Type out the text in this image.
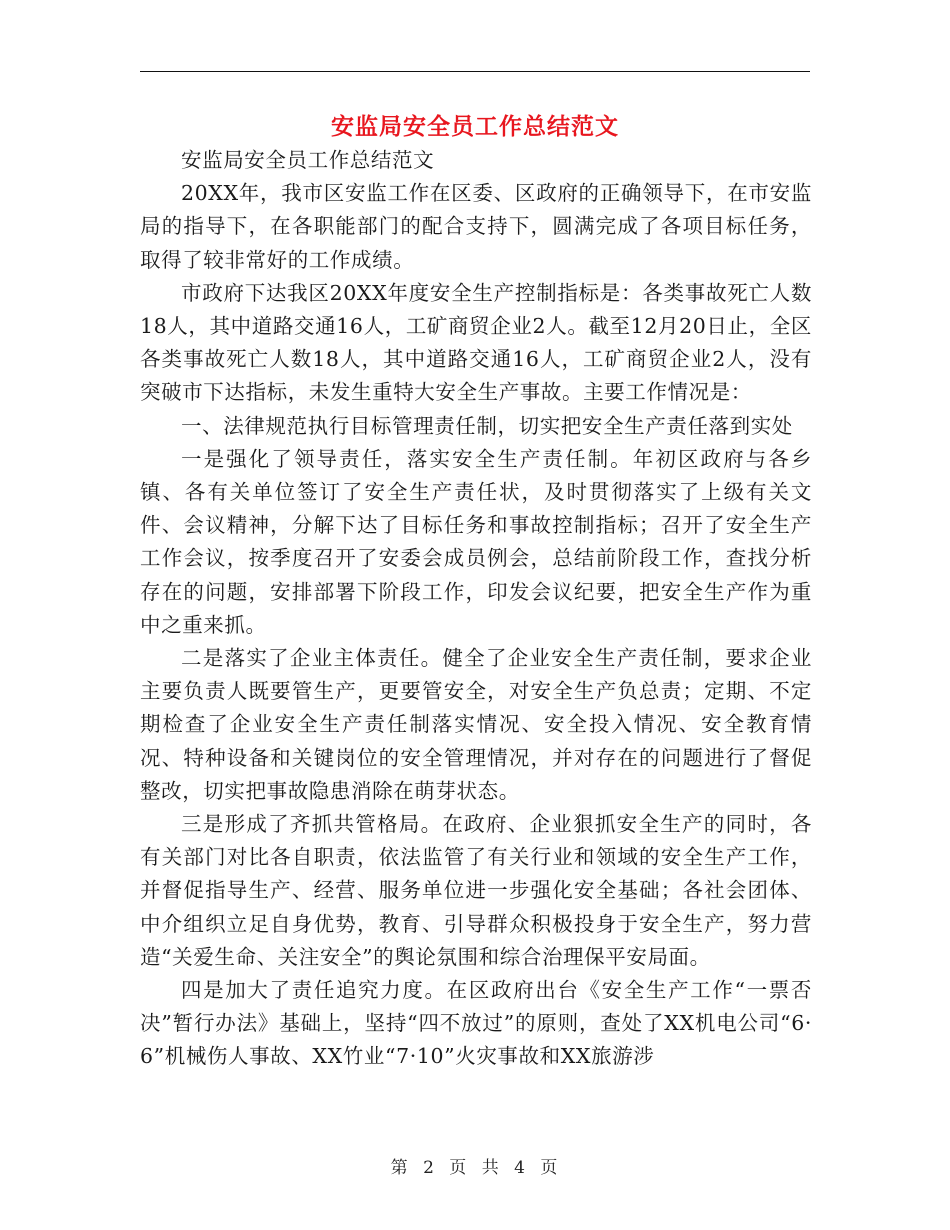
安监局安全员工作总结范文

安监局安全员工作总结范文

20XX年，我市区安监工作在区委、区政府的正确领导下，在市安监局的指导下，在各职能部门的配合支持下，圆满完成了各项目标任务，取得了较非常好的工作成绩。

市政府下达我区20XX年度安全生产控制指标是：各类事故死亡人数18人，其中道路交通16人，工矿商贸企业2人。截至12月20日止，全区各类事故死亡人数18人，其中道路交通16人，工矿商贸企业2人，没有突破市下达指标，未发生重特大安全生产事故。主要工作情况是：

一、法律规范执行目标管理责任制，切实把安全生产责任落到实处

一是强化了领导责任，落实安全生产责任制。年初区政府与各乡镇、各有关单位签订了安全生产责任状，及时贯彻落实了上级有关文件、会议精神，分解下达了目标任务和事故控制指标；召开了安全生产工作会议，按季度召开了安委会成员例会，总结前阶段工作，查找分析存在的问题，安排部署下阶段工作，印发会议纪要，把安全生产作为重中之重来抓。

二是落实了企业主体责任。健全了企业安全生产责任制，要求企业主要负责人既要管生产，更要管安全，对安全生产负总责；定期、不定期检查了企业安全生产责任制落实情况、安全投入情况、安全教育情况、特种设备和关键岗位的安全管理情况，并对存在的问题进行了督促整改，切实把事故隐患消除在萌芽状态。

三是形成了齐抓共管格局。在政府、企业狠抓安全生产的同时，各有关部门对比各自职责，依法监管了有关行业和领域的安全生产工作，并督促指导生产、经营、服务单位进一步强化安全基础；各社会团体、中介组织立足自身优势，教育、引导群众积极投身于安全生产，努力营造“关爱生命、关注安全”的舆论氛围和综合治理保平安局面。

四是加大了责任追究力度。在区政府出台《安全生产工作“一票否决”暂行办法》基础上，坚持“四不放过”的原则，查处了XX机电公司“6·6”机械伤人事故、XX竹业“7·10”火灾事故和XX旅游涉

第 2 页 共 4 页
